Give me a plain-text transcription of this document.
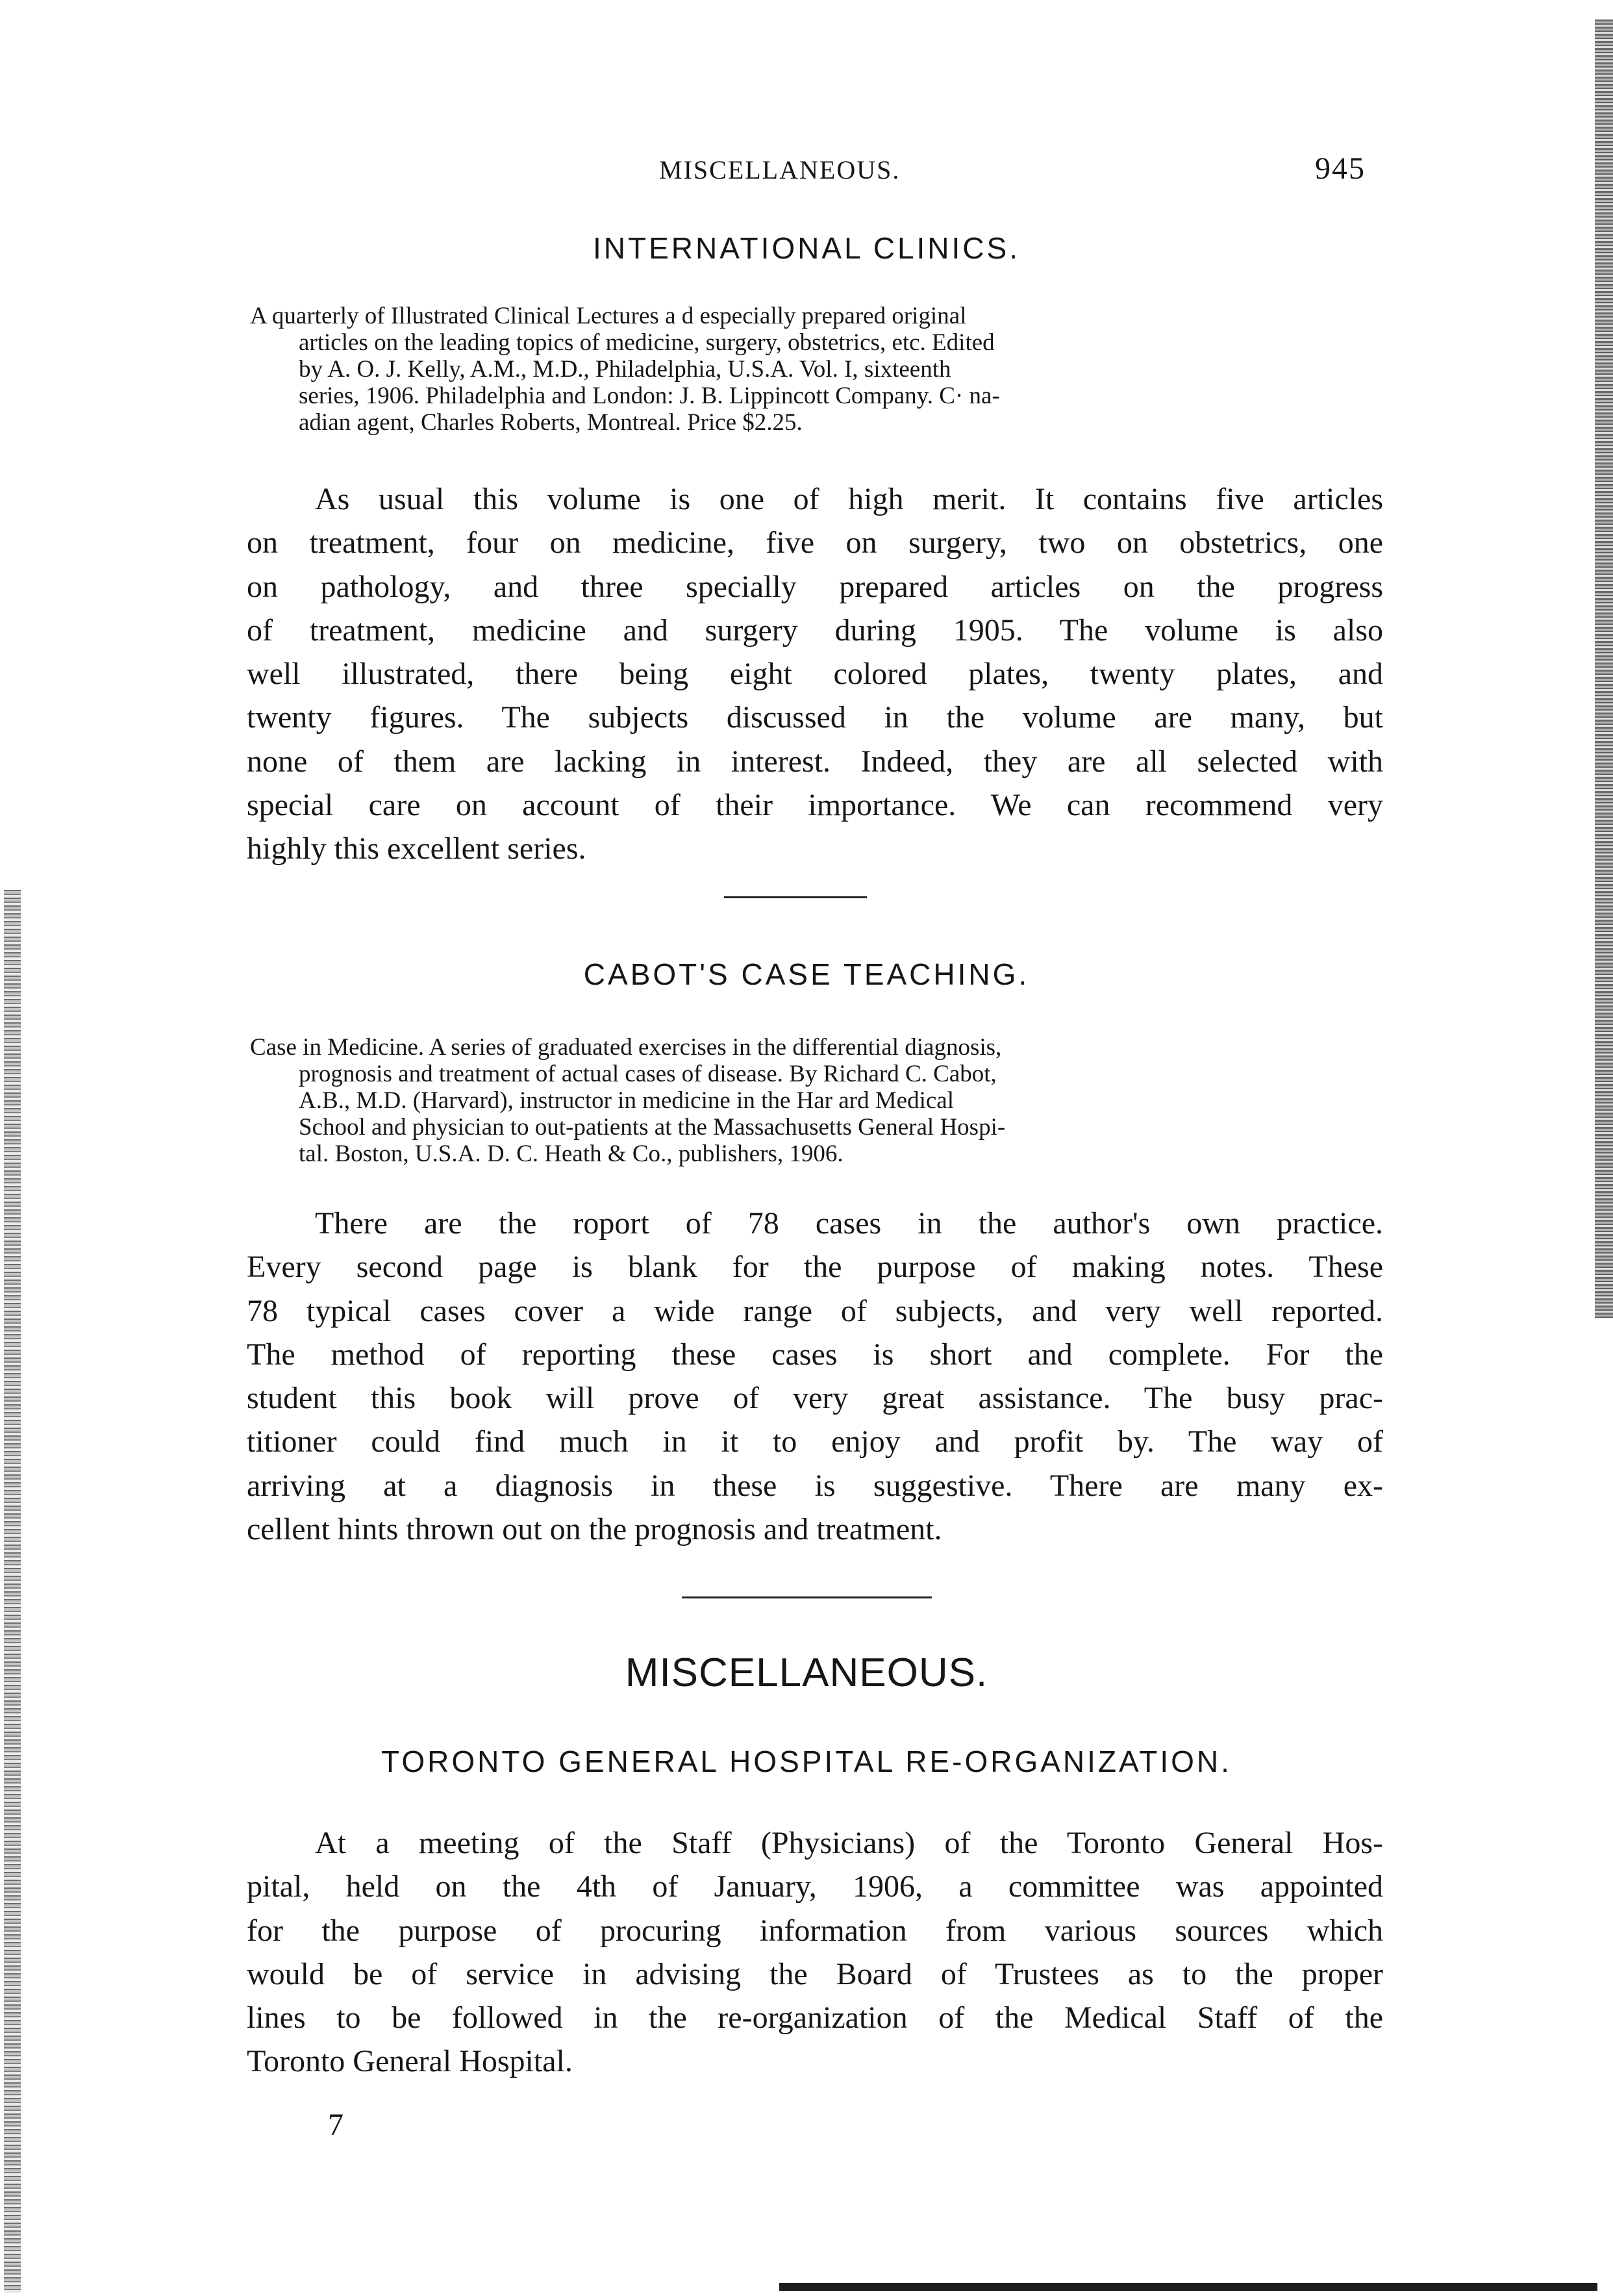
MISCELLANEOUS.	945
INTERNATIONAL CLINICS.
A quarterly of Illustrated Clinical Lectures a d especially prepared original
articles on the leading topics of medicine, surgery, obstetrics, etc. Edited
by A. O. J. Kelly, A.M., M.D., Philadelphia, U.S.A. Vol. I, sixteenth
series, 1906. Philadelphia and London: J. B. Lippincott Company. C· na-
adian agent, Charles Roberts, Montreal. Price $2.25.
As usual this volume is one of high merit. It contains five articles
on treatment, four on medicine, five on surgery, two on obstetrics, one
on pathology, and three specially prepared articles on the progress
of treatment, medicine and surgery during 1905. The volume is also
well illustrated, there being eight colored plates, twenty plates, and
twenty figures. The subjects discussed in the volume are many, but
none of them are lacking in interest. Indeed, they are all selected with
special care on account of their importance. We can recommend very
highly this excellent series.
CABOT'S CASE TEACHING.
Case in Medicine. A series of graduated exercises in the differential diagnosis,
prognosis and treatment of actual cases of disease. By Richard C. Cabot,
A.B., M.D. (Harvard), instructor in medicine in the Har ard Medical
School and physician to out-patients at the Massachusetts General Hospi-
tal. Boston, U.S.A. D. C. Heath & Co., publishers, 1906.
There are the roport of 78 cases in the author's own practice.
Every second page is blank for the purpose of making notes. These
78 typical cases cover a wide range of subjects, and very well reported.
The method of reporting these cases is short and complete. For the
student this book will prove of very great assistance. The busy prac-
titioner could find much in it to enjoy and profit by. The way of
arriving at a diagnosis in these is suggestive. There are many ex-
cellent hints thrown out on the prognosis and treatment.
MISCELLANEOUS.
TORONTO GENERAL HOSPITAL RE-ORGANIZATION.
At a meeting of the Staff (Physicians) of the Toronto General Hos-
pital, held on the 4th of January, 1906, a committee was appointed
for the purpose of procuring information from various sources which
would be of service in advising the Board of Trustees as to the proper
lines to be followed in the re-organization of the Medical Staff of the
Toronto General Hospital.
7
